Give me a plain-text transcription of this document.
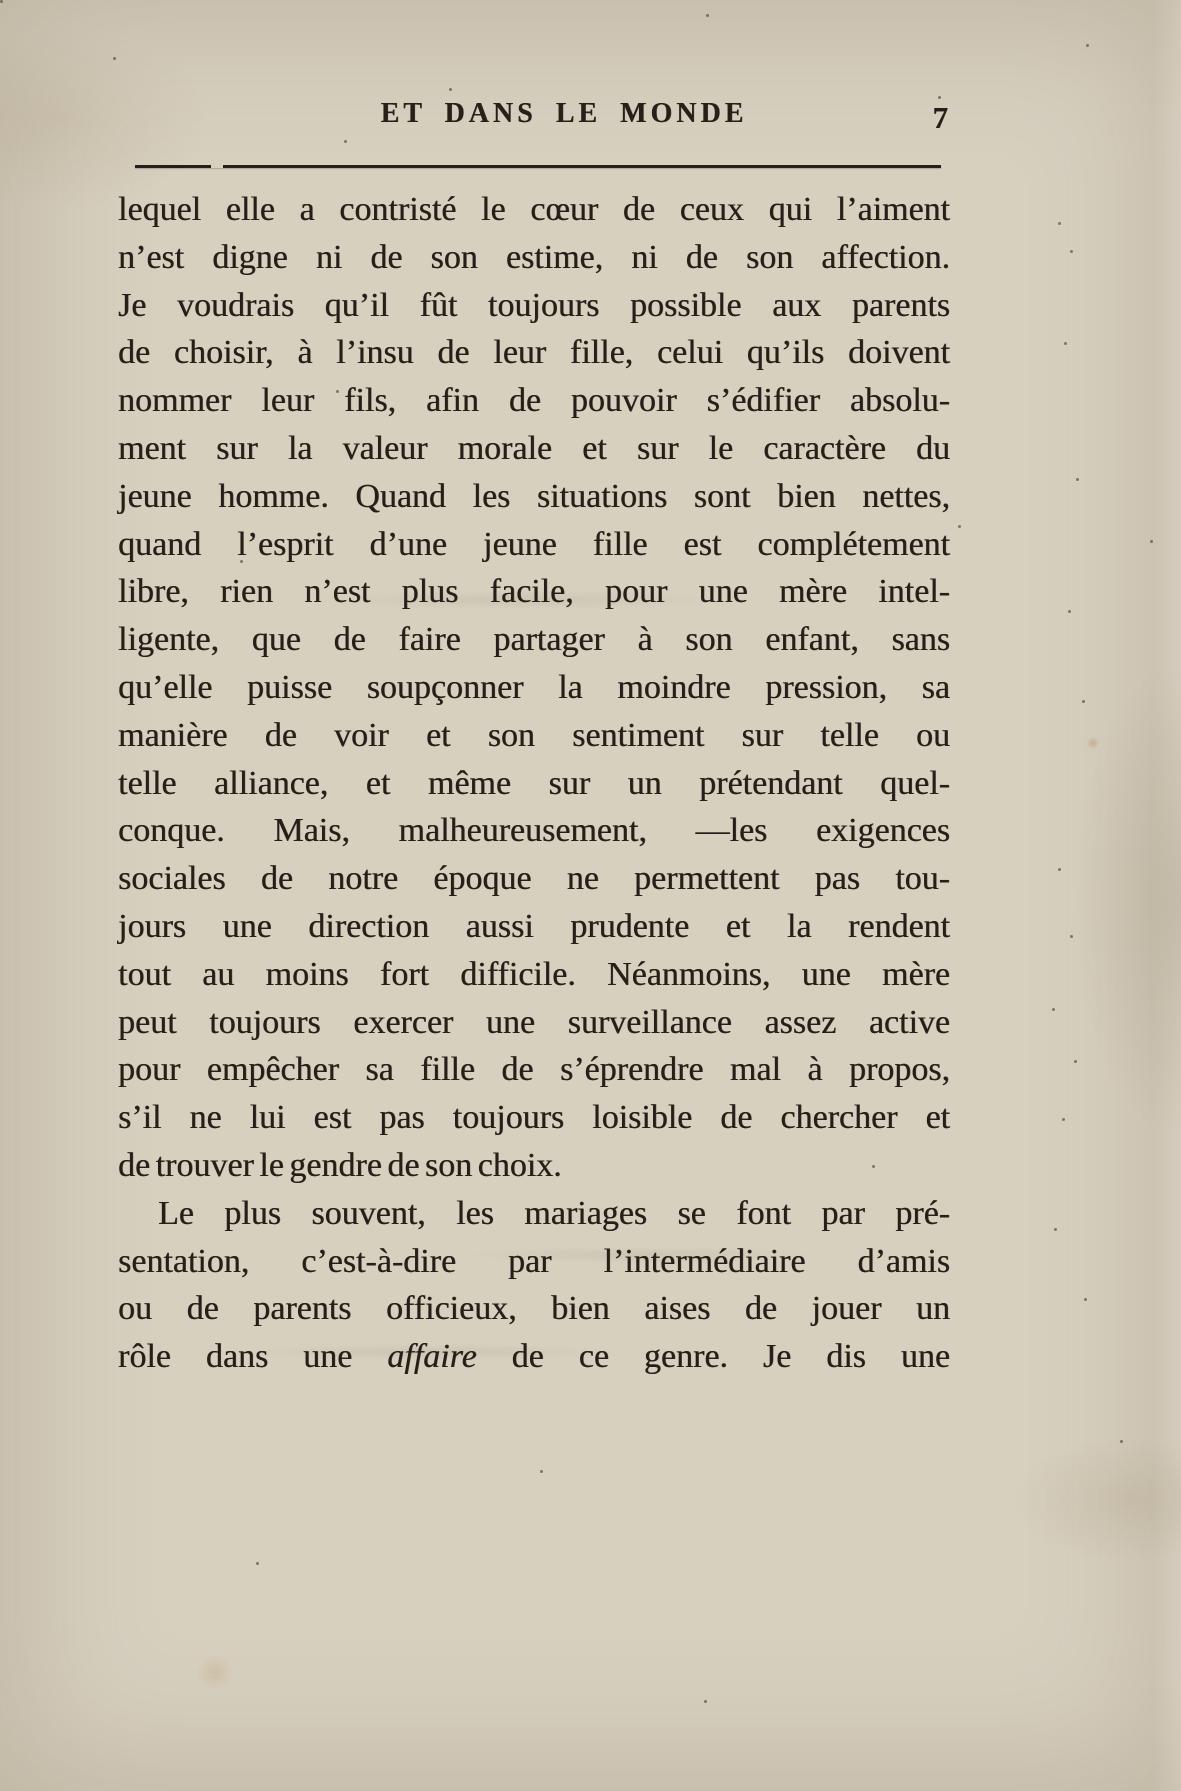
ET DANS LE MONDE	7
lequel elle a contristé le cœur de ceux qui l’aiment
n’est digne ni de son estime, ni de son affection.
Je voudrais qu’il fût toujours possible aux parents
de choisir, à l’insu de leur fille, celui qu’ils doivent
nommer leur fils, afin de pouvoir s’édifier absolu-
ment sur la valeur morale et sur le caractère du
jeune homme. Quand les situations sont bien nettes,
quand l’esprit d’une jeune fille est complétement
libre, rien n’est plus facile, pour une mère intel-
ligente, que de faire partager à son enfant, sans
qu’elle puisse soupçonner la moindre pression, sa
manière de voir et son sentiment sur telle ou
telle alliance, et même sur un prétendant quel-
conque. Mais, malheureusement, —les exigences
sociales de notre époque ne permettent pas tou-
jours une direction aussi prudente et la rendent
tout au moins fort difficile. Néanmoins, une mère
peut toujours exercer une surveillance assez active
pour empêcher sa fille de s’éprendre mal à propos,
s’il ne lui est pas toujours loisible de chercher et
de trouver le gendre de son choix.
Le plus souvent, les mariages se font par pré-
sentation, c’est-à-dire par l’intermédiaire d’amis
ou de parents officieux, bien aises de jouer un
rôle dans une affaire de ce genre. Je dis une
